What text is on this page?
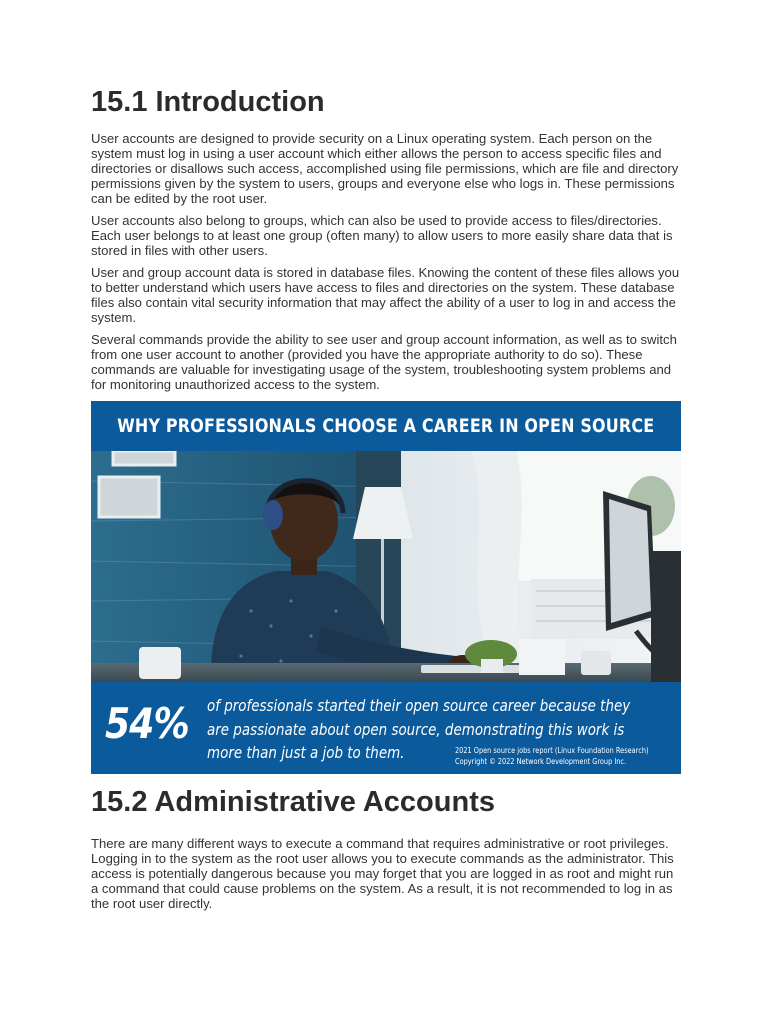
15.1 Introduction

User accounts are designed to provide security on a Linux operating system. Each person on the system must log in using a user account which either allows the person to access specific files and directories or disallows such access, accomplished using file permissions, which are file and directory permissions given by the system to users, groups and everyone else who logs in. These permissions can be edited by the root user.

User accounts also belong to groups, which can also be used to provide access to files/directories. Each user belongs to at least one group (often many) to allow users to more easily share data that is stored in files with other users.

User and group account data is stored in database files. Knowing the content of these files allows you to better understand which users have access to files and directories on the system. These database files also contain vital security information that may affect the ability of a user to log in and access the system.

Several commands provide the ability to see user and group account information, as well as to switch from one user account to another (provided you have the appropriate authority to do so). These commands are valuable for investigating usage of the system, troubleshooting system problems and for monitoring unauthorized access to the system.

WHY PROFESSIONALS CHOOSE A CAREER IN OPEN SOURCE
54% of professionals started their open source career because they
are passionate about open source, demonstrating this work is
more than just a job to them.	2021 Open source jobs report (Linux Foundation Research)
Copyright © 2022 Network Development Group Inc.
15.2 Administrative Accounts

There are many different ways to execute a command that requires administrative or root privileges. Logging in to the system as the root user allows you to execute commands as the administrator. This access is potentially dangerous because you may forget that you are logged in as root and might run a command that could cause problems on the system. As a result, it is not recommended to log in as the root user directly.
